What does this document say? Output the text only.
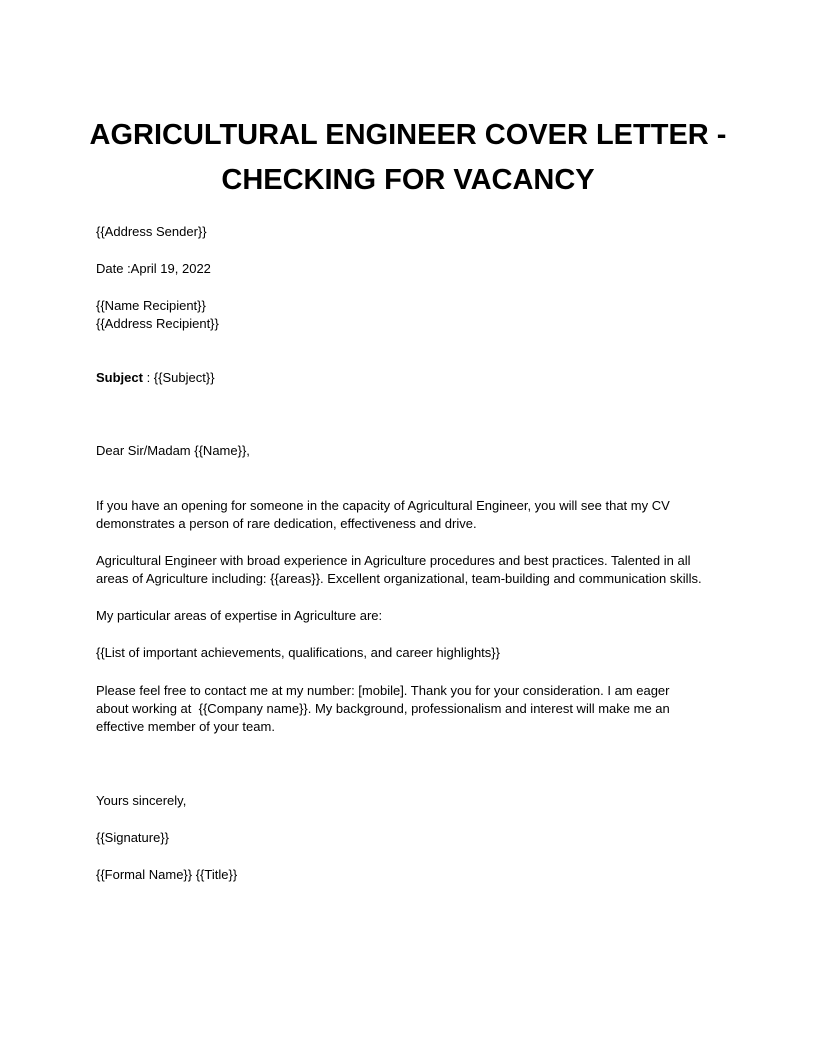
AGRICULTURAL ENGINEER COVER LETTER -
CHECKING FOR VACANCY
{{Address Sender}}
Date :April 19, 2022
{{Name Recipient}}
{{Address Recipient}}
Subject : {{Subject}}
Dear Sir/Madam {{Name}},
If you have an opening for someone in the capacity of Agricultural Engineer, you will see that my CV
demonstrates a person of rare dedication, effectiveness and drive.
Agricultural Engineer with broad experience in Agriculture procedures and best practices. Talented in all
areas of Agriculture including: {{areas}}. Excellent organizational, team-building and communication skills.
My particular areas of expertise in Agriculture are:
{{List of important achievements, qualifications, and career highlights}}
Please feel free to contact me at my number: [mobile]. Thank you for your consideration. I am eager
about working at  {{Company name}}. My background, professionalism and interest will make me an
effective member of your team.
Yours sincerely,
{{Signature}}
{{Formal Name}} {{Title}}
